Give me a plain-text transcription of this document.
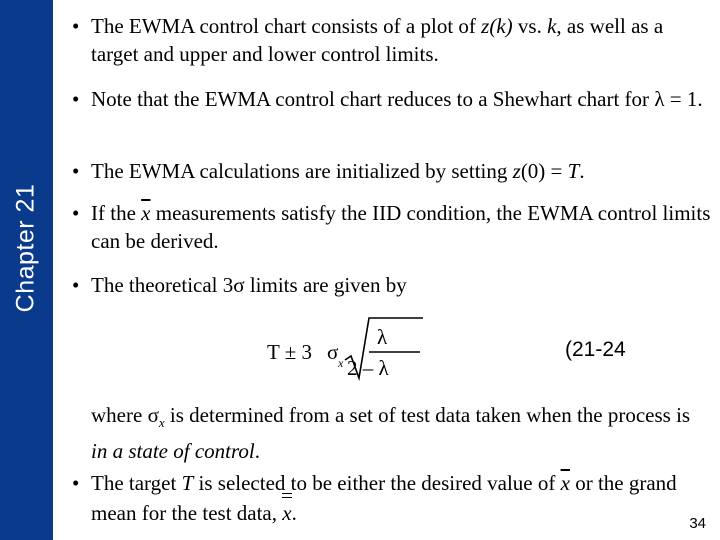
Chapter 21
• The EWMA control chart consists of a plot of z(k) vs. k, as well as a target and upper and lower control limits.
• Note that the EWMA control chart reduces to a Shewhart chart for λ = 1.
• The EWMA calculations are initialized by setting z(0) = T.
• If the $\overline{x}$ measurements satisfy the IID condition, the EWMA control limits can be derived.
• The theoretical 3σ limits are given by
T ± 3 σ x
λ
2 – λ
(21-24
where $\sigma_x$ is determined from a set of test data taken when the process is in a state of control.
• The target T is selected to be either the desired value of $\overline{x}$ or the grand mean for the test data, x.	34
